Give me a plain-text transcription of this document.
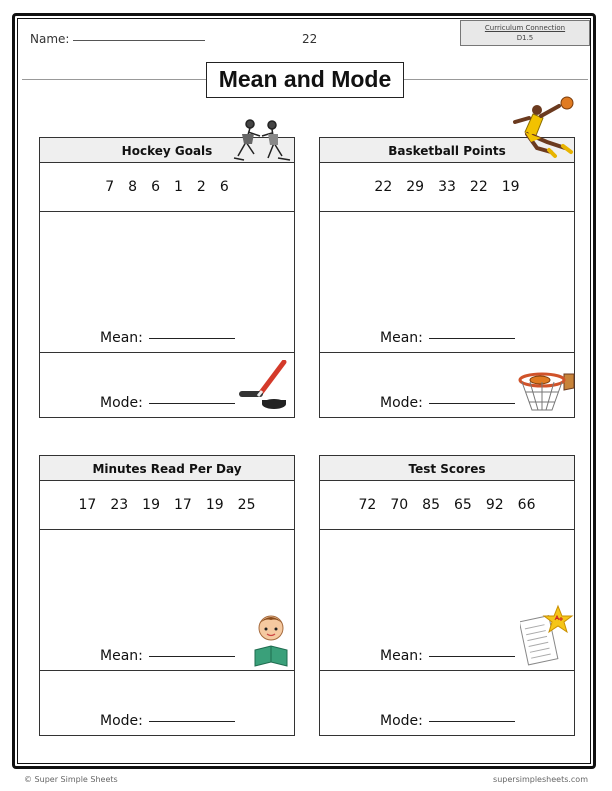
Name:	22
Curriculum Connection
D1.5
Mean and Mode
Hockey Goals
7 8 6 1 2 6
Mean:
Mode:
Basketball Points
22 29 33 22 19
Mean:
Mode:
Minutes Read Per Day
17 23 19 17 19 25
Mean:
Mode:
Test Scores
72 70 85 65 92 66
Mean:
Mode:
© Super Simple Sheets	supersimplesheets.com
